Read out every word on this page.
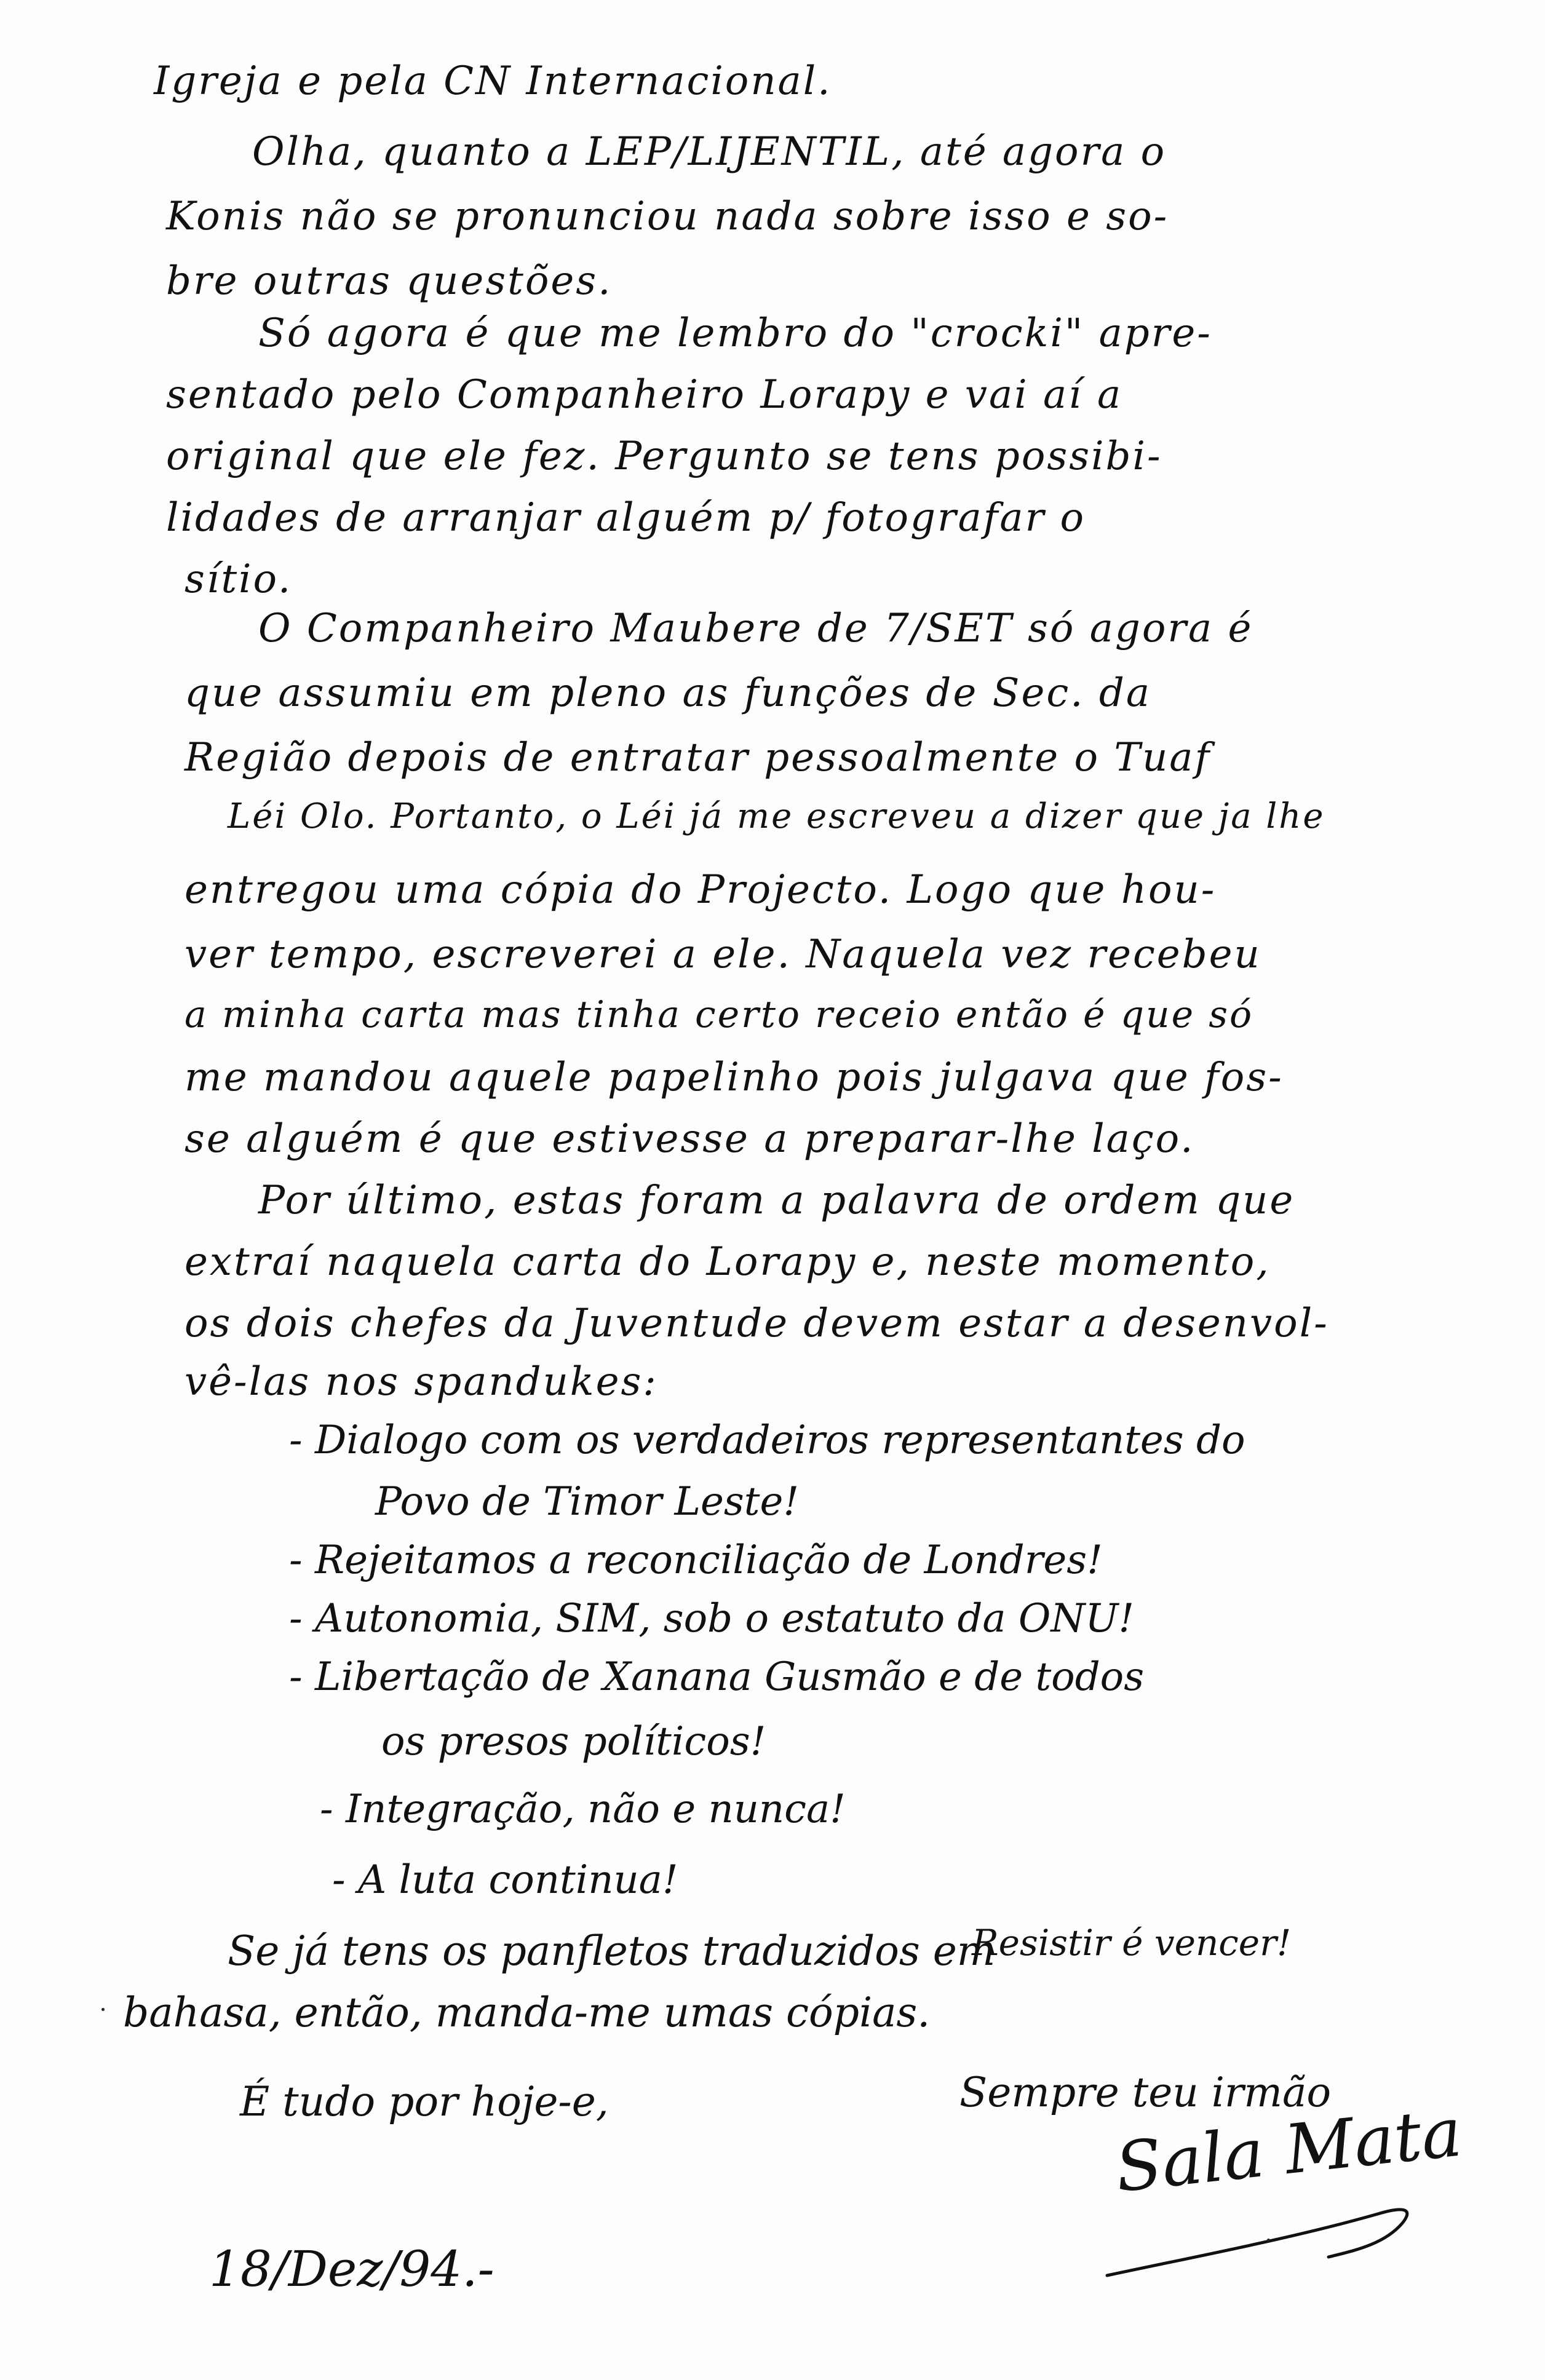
Igreja e pela CN Internacional.
Olha, quanto a LEP/LIJENTIL, até agora o
Konis não se pronunciou nada sobre isso e so-
bre outras questões.
Só agora é que me lembro do "crocki" apre-
sentado pelo Companheiro Lorapy e vai aí a
original que ele fez. Pergunto se tens possibi-
lidades de arranjar alguém p/ fotografar o
sítio.
O Companheiro Maubere de 7/SET só agora é
que assumiu em pleno as funções de Sec. da
Região depois de entratar pessoalmente o Tuaf
Léi Olo. Portanto, o Léi já me escreveu a dizer que ja lhe
entregou uma cópia do Projecto. Logo que hou-
ver tempo, escreverei a ele. Naquela vez recebeu
a minha carta mas tinha certo receio então é que só
me mandou aquele papelinho pois julgava que fos-
se alguém é que estivesse a preparar-lhe laço.
Por último, estas foram a palavra de ordem que
extraí naquela carta do Lorapy e, neste momento,
os dois chefes da Juventude devem estar a desenvol-
vê-las nos spandukes:
- Dialogo com os verdadeiros representantes do
Povo de Timor Leste!
- Rejeitamos a reconciliação de Londres!
- Autonomia, SIM, sob o estatuto da ONU!
- Libertação de Xanana Gusmão e de todos
os presos políticos!
- Integração, não e nunca!
- A luta continua!
Se já tens os panfletos traduzidos em
bahasa, então, manda-me umas cópias.
É tudo por hoje-e,
Resistir é vencer!
Sempre teu irmão
Sala Mata
18/Dez/94.-
